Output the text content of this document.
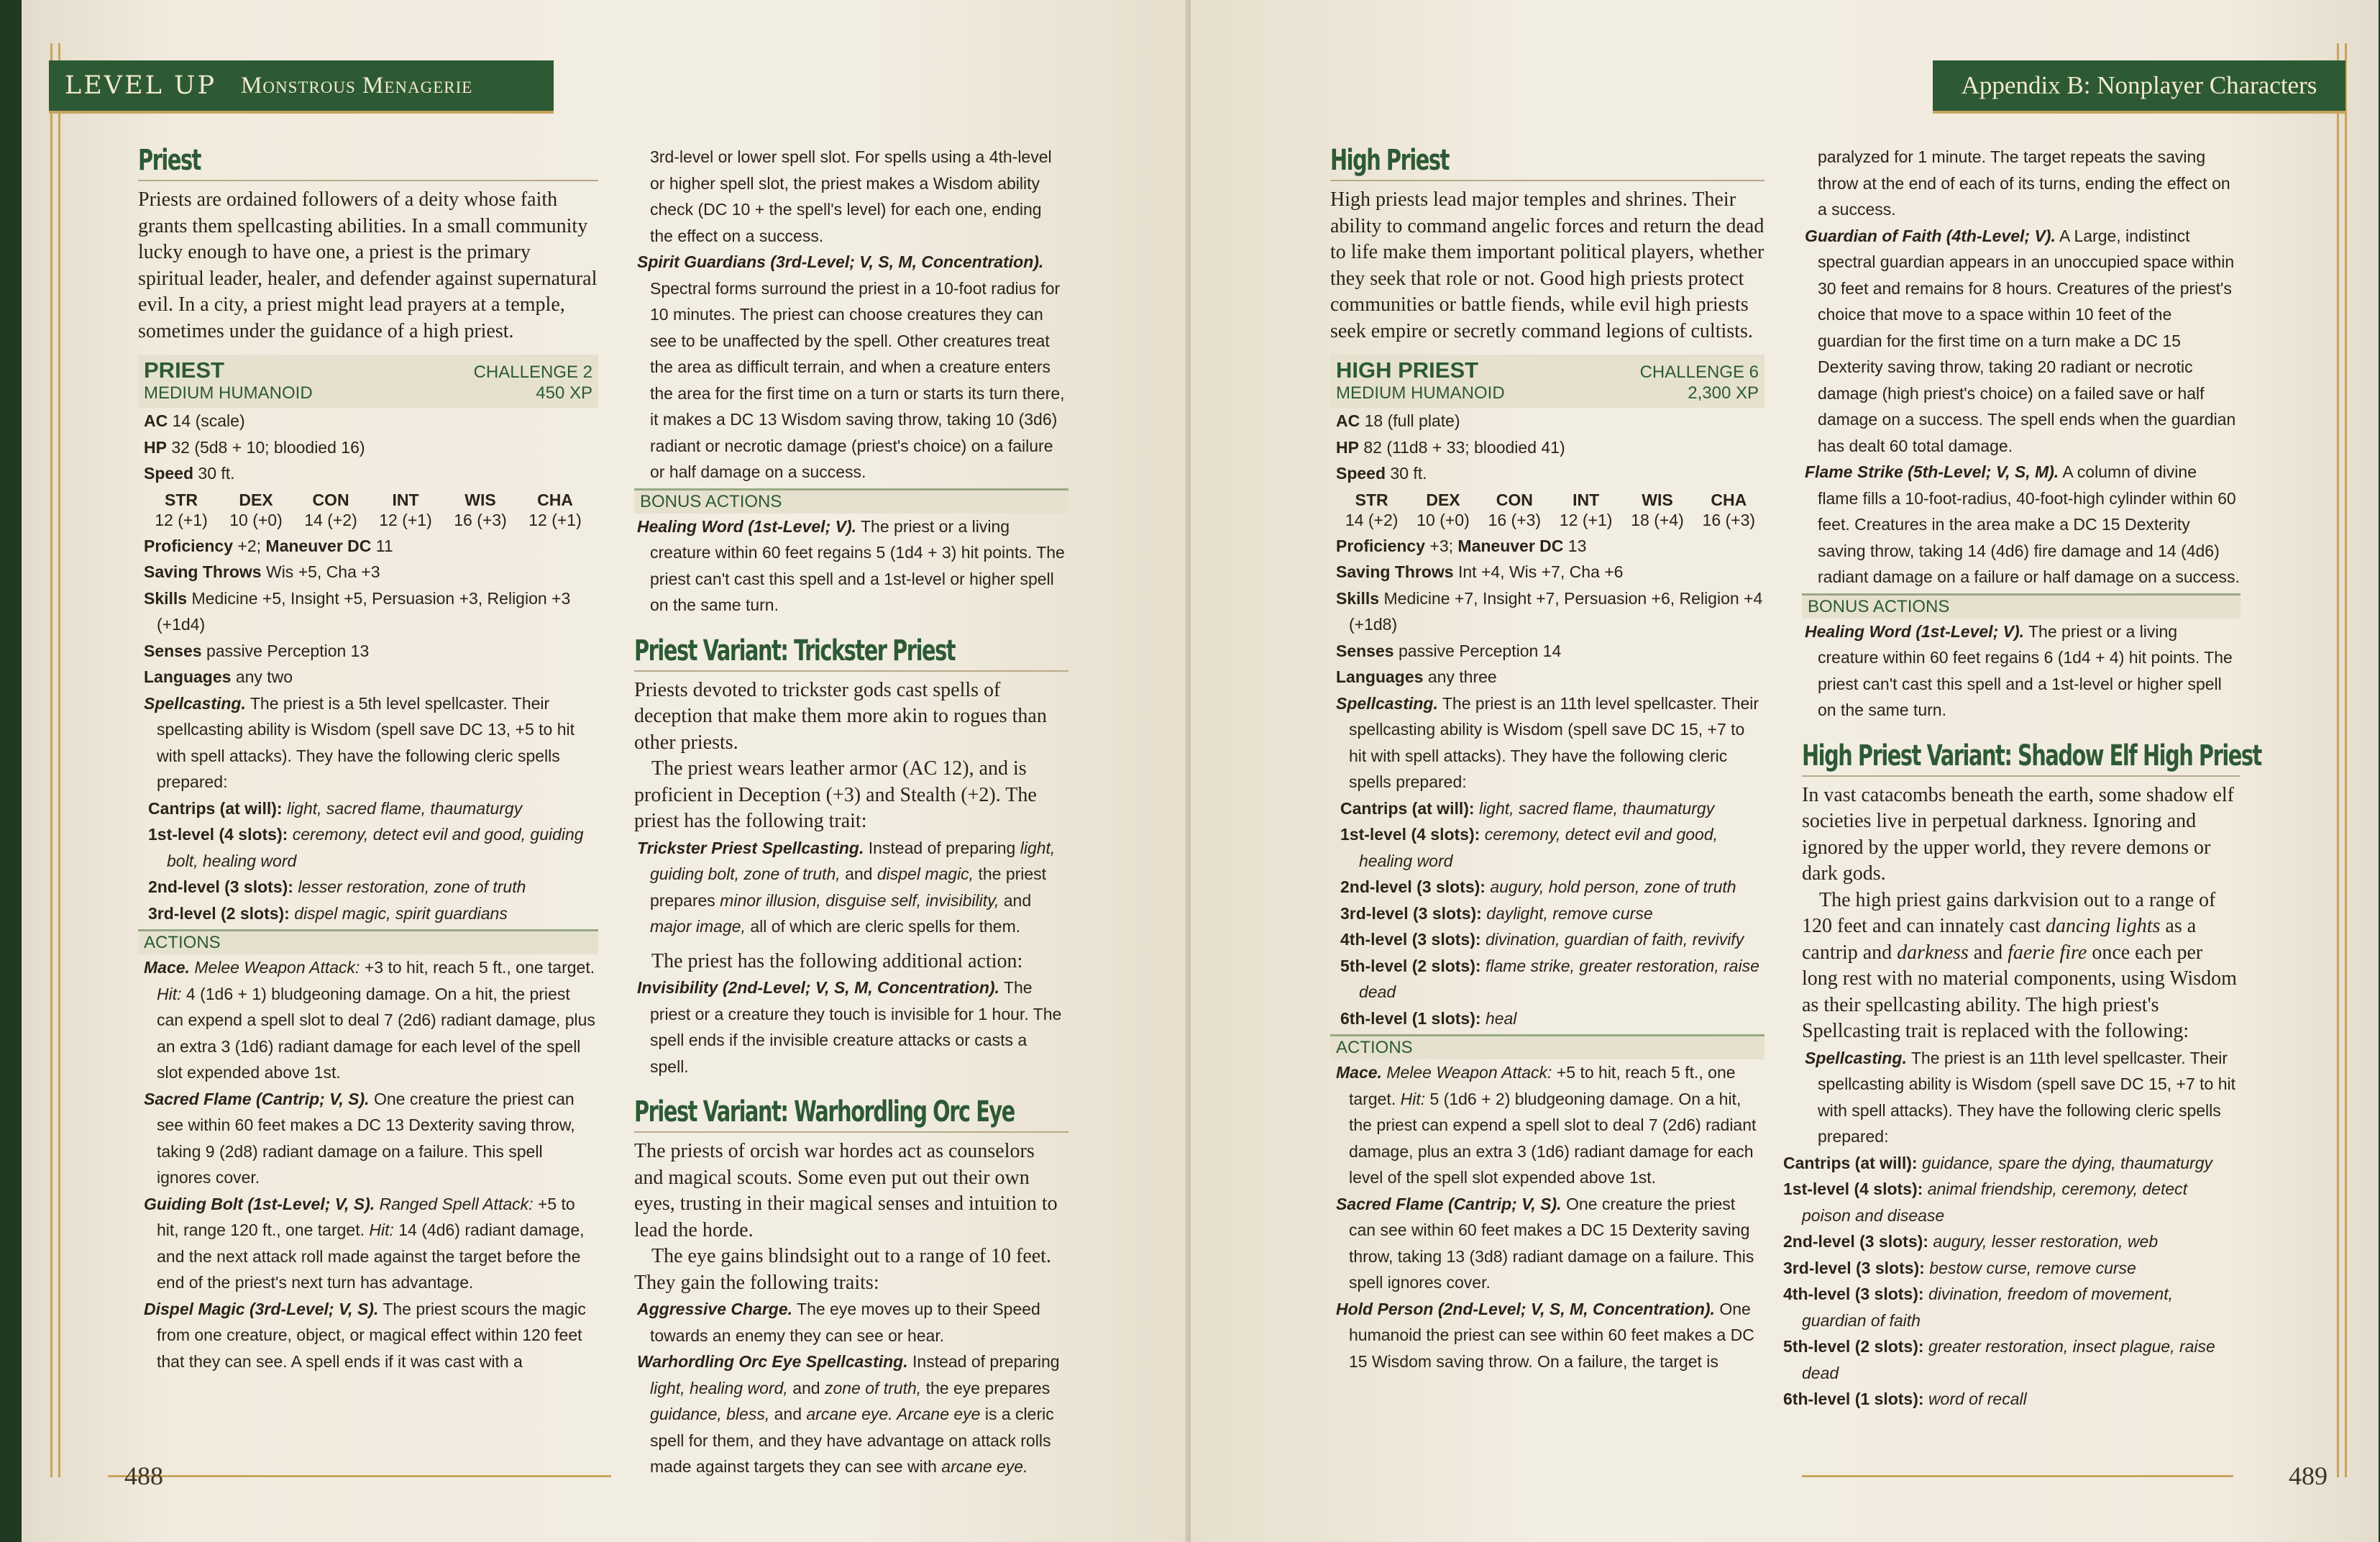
LEVEL UP Monstrous Menagerie
Priest
Priests are ordained followers of a deity whose faith grants them spellcasting abilities. In a small community lucky enough to have one, a priest is the primary spiritual leader, healer, and defender against supernatural evil. In a city, a priest might lead prayers at a temple, sometimes under the guidance of a high priest.
PRIEST	CHALLENGE 2
MEDIUM HUMANOID	450 XP
AC 14 (scale)
HP 32 (5d8 + 10; bloodied 16)
Speed 30 ft.
STR
12 (+1)
DEX
10 (+0)
CON
14 (+2)
INT
12 (+1)
WIS
16 (+3)
CHA
12 (+1)
Proficiency +2; Maneuver DC 11
Saving Throws Wis +5, Cha +3
Skills Medicine +5, Insight +5, Persuasion +3, Religion +3 (+1d4)
Senses passive Perception 13
Languages any two
Spellcasting. The priest is a 5th level spellcaster. Their spellcasting ability is Wisdom (spell save DC 13, +5 to hit with spell attacks). They have the following cleric spells prepared:
Cantrips (at will): light, sacred flame, thaumaturgy
1st-level (4 slots): ceremony, detect evil and good, guiding bolt, healing word
2nd-level (3 slots): lesser restoration, zone of truth
3rd-level (2 slots): dispel magic, spirit guardians
ACTIONS
Mace. Melee Weapon Attack: +3 to hit, reach 5 ft., one target. Hit: 4 (1d6 + 1) bludgeoning damage. On a hit, the priest can expend a spell slot to deal 7 (2d6) radiant damage, plus an extra 3 (1d6) radiant damage for each level of the spell slot expended above 1st.
Sacred Flame (Cantrip; V, S). One creature the priest can see within 60 feet makes a DC 13 Dexterity saving throw, taking 9 (2d8) radiant damage on a failure. This spell ignores cover.
Guiding Bolt (1st-Level; V, S). Ranged Spell Attack: +5 to hit, range 120 ft., one target. Hit: 14 (4d6) radiant damage, and the next attack roll made against the target before the end of the priest's next turn has advantage.
Dispel Magic (3rd-Level; V, S). The priest scours the magic from one creature, object, or magical effect within 120 feet that they can see. A spell ends if it was cast with a
3rd-level or lower spell slot. For spells using a 4th-level or higher spell slot, the priest makes a Wisdom ability check (DC 10 + the spell's level) for each one, ending the effect on a success.
Spirit Guardians (3rd-Level; V, S, M, Concentration). Spectral forms surround the priest in a 10-foot radius for 10 minutes. The priest can choose creatures they can see to be unaffected by the spell. Other creatures treat the area as difficult terrain, and when a creature enters the area for the first time on a turn or starts its turn there, it makes a DC 13 Wisdom saving throw, taking 10 (3d6) radiant or necrotic damage (priest's choice) on a failure or half damage on a success.
BONUS ACTIONS
Healing Word (1st-Level; V). The priest or a living creature within 60 feet regains 5 (1d4 + 3) hit points. The priest can't cast this spell and a 1st-level or higher spell on the same turn.
Priest Variant: Trickster Priest
Priests devoted to trickster gods cast spells of deception that make them more akin to rogues than other priests.
The priest wears leather armor (AC 12), and is proficient in Deception (+3) and Stealth (+2). The priest has the following trait:
Trickster Priest Spellcasting. Instead of preparing light, guiding bolt, zone of truth, and dispel magic, the priest prepares minor illusion, disguise self, invisibility, and major image, all of which are cleric spells for them.
The priest has the following additional action:
Invisibility (2nd-Level; V, S, M, Concentration). The priest or a creature they touch is invisible for 1 hour. The spell ends if the invisible creature attacks or casts a spell.
Priest Variant: Warhordling Orc Eye
The priests of orcish war hordes act as counselors and magical scouts. Some even put out their own eyes, trusting in their magical senses and intuition to lead the horde.
The eye gains blindsight out to a range of 10 feet. They gain the following traits:
Aggressive Charge. The eye moves up to their Speed towards an enemy they can see or hear.
Warhordling Orc Eye Spellcasting. Instead of preparing light, healing word, and zone of truth, the eye prepares guidance, bless, and arcane eye. Arcane eye is a cleric spell for them, and they have advantage on attack rolls made against targets they can see with arcane eye.
488
Appendix B: Nonplayer Characters
High Priest
High priests lead major temples and shrines. Their ability to command angelic forces and return the dead to life make them important political players, whether they seek that role or not. Good high priests protect communities or battle fiends, while evil high priests seek empire or secretly command legions of cultists.
HIGH PRIEST	CHALLENGE 6
MEDIUM HUMANOID	2,300 XP
AC 18 (full plate)
HP 82 (11d8 + 33; bloodied 41)
Speed 30 ft.
STR
14 (+2)
DEX
10 (+0)
CON
16 (+3)
INT
12 (+1)
WIS
18 (+4)
CHA
16 (+3)
Proficiency +3; Maneuver DC 13
Saving Throws Int +4, Wis +7, Cha +6
Skills Medicine +7, Insight +7, Persuasion +6, Religion +4 (+1d8)
Senses passive Perception 14
Languages any three
Spellcasting. The priest is an 11th level spellcaster. Their spellcasting ability is Wisdom (spell save DC 15, +7 to hit with spell attacks). They have the following cleric spells prepared:
Cantrips (at will): light, sacred flame, thaumaturgy
1st-level (4 slots): ceremony, detect evil and good, healing word
2nd-level (3 slots): augury, hold person, zone of truth
3rd-level (3 slots): daylight, remove curse
4th-level (3 slots): divination, guardian of faith, revivify
5th-level (2 slots): flame strike, greater restoration, raise dead
6th-level (1 slots): heal
ACTIONS
Mace. Melee Weapon Attack: +5 to hit, reach 5 ft., one target. Hit: 5 (1d6 + 2) bludgeoning damage. On a hit, the priest can expend a spell slot to deal 7 (2d6) radiant damage, plus an extra 3 (1d6) radiant damage for each level of the spell slot expended above 1st.
Sacred Flame (Cantrip; V, S). One creature the priest can see within 60 feet makes a DC 15 Dexterity saving throw, taking 13 (3d8) radiant damage on a failure. This spell ignores cover.
Hold Person (2nd-Level; V, S, M, Concentration). One humanoid the priest can see within 60 feet makes a DC 15 Wisdom saving throw. On a failure, the target is
paralyzed for 1 minute. The target repeats the saving throw at the end of each of its turns, ending the effect on a success.
Guardian of Faith (4th-Level; V). A Large, indistinct spectral guardian appears in an unoccupied space within 30 feet and remains for 8 hours. Creatures of the priest's choice that move to a space within 10 feet of the guardian for the first time on a turn make a DC 15 Dexterity saving throw, taking 20 radiant or necrotic damage (high priest's choice) on a failed save or half damage on a success. The spell ends when the guardian has dealt 60 total damage.
Flame Strike (5th-Level; V, S, M). A column of divine flame fills a 10-foot-radius, 40-foot-high cylinder within 60 feet. Creatures in the area make a DC 15 Dexterity saving throw, taking 14 (4d6) fire damage and 14 (4d6) radiant damage on a failure or half damage on a success.
BONUS ACTIONS
Healing Word (1st-Level; V). The priest or a living creature within 60 feet regains 6 (1d4 + 4) hit points. The priest can't cast this spell and a 1st-level or higher spell on the same turn.
High Priest Variant: Shadow Elf High Priest
In vast catacombs beneath the earth, some shadow elf societies live in perpetual darkness. Ignoring and ignored by the upper world, they revere demons or dark gods.
The high priest gains darkvision out to a range of 120 feet and can innately cast dancing lights as a cantrip and darkness and faerie fire once each per long rest with no material components, using Wisdom as their spellcasting ability. The high priest's Spellcasting trait is replaced with the following:
Spellcasting. The priest is an 11th level spellcaster. Their spellcasting ability is Wisdom (spell save DC 15, +7 to hit with spell attacks). They have the following cleric spells prepared:
Cantrips (at will): guidance, spare the dying, thaumaturgy
1st-level (4 slots): animal friendship, ceremony, detect poison and disease
2nd-level (3 slots): augury, lesser restoration, web
3rd-level (3 slots): bestow curse, remove curse
4th-level (3 slots): divination, freedom of movement, guardian of faith
5th-level (2 slots): greater restoration, insect plague, raise dead
6th-level (1 slots): word of recall
489
